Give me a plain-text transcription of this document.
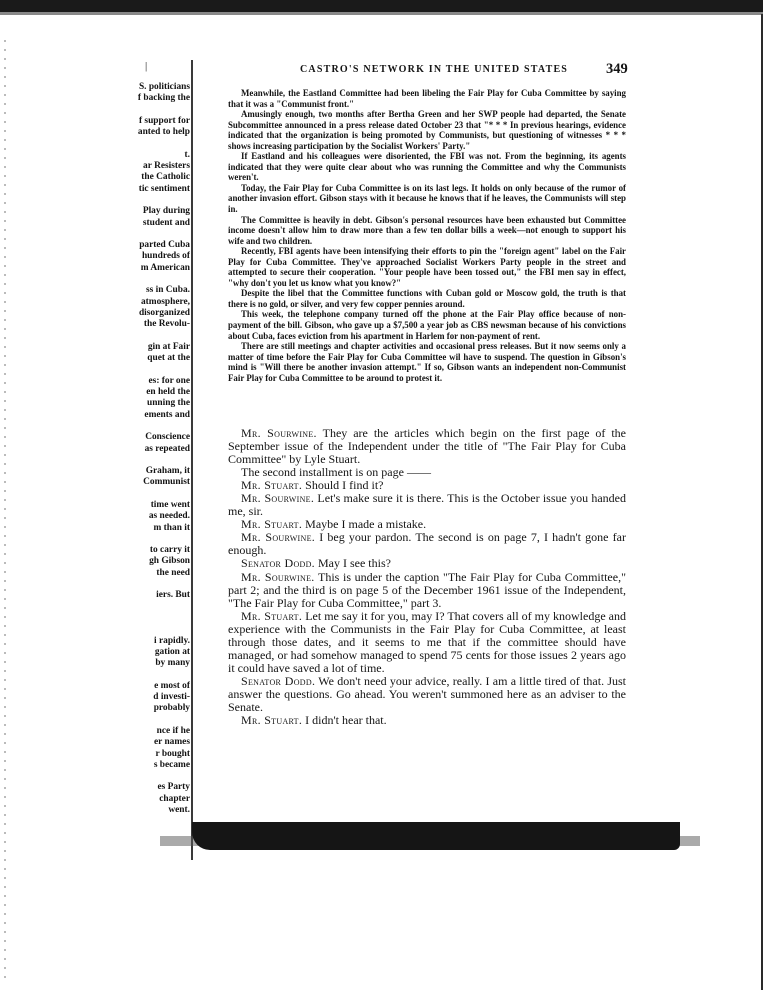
|
S. politicians
f backing the

f support for
anted to help

t.
ar Resisters
the Catholic
tic sentiment

Play during
student and

parted Cuba
hundreds of
m American

ss in Cuba.
atmosphere,
disorganized
the Revolu-

gin at Fair
quet at the

es: for one
en held the
unning the
ements and

Conscience
as repeated

Graham, it
Communist

time went
as needed.
m than it

to carry it
gh Gibson
the need

iers. But

i rapidly.
gation at
by many

e most of
d investi-
probably

nce if he
er names
r bought
s became

es Party
chapter
went.
CASTRO'S NETWORK IN THE UNITED STATES	349

Meanwhile, the Eastland Committee had been libeling the Fair Play for Cuba Committee by saying that it was a "Communist front."

Amusingly enough, two months after Bertha Green and her SWP people had departed, the Senate Subcommittee announced in a press release dated October 23 that "* * * In previous hearings, evidence indicated that the organization is being promoted by Communists, but questioning of witnesses * * * shows increasing participation by the Socialist Workers' Party."

If Eastland and his colleagues were disoriented, the FBI was not. From the beginning, its agents indicated that they were quite clear about who was running the Committee and why the Communists weren't.

Today, the Fair Play for Cuba Committee is on its last legs. It holds on only because of the rumor of another invasion effort. Gibson stays with it because he knows that if he leaves, the Communists will step in.

The Committee is heavily in debt. Gibson's personal resources have been exhausted but Committee income doesn't allow him to draw more than a few ten dollar bills a week—not enough to support his wife and two children.

Recently, FBI agents have been intensifying their efforts to pin the "foreign agent" label on the Fair Play for Cuba Committee. They've approached Socialist Workers Party people in the street and attempted to secure their cooperation. "Your people have been tossed out," the FBI men say in effect, "why don't you let us know what you know?"

Despite the libel that the Committee functions with Cuban gold or Moscow gold, the truth is that there is no gold, or silver, and very few copper pennies around.

This week, the telephone company turned off the phone at the Fair Play office because of non-payment of the bill. Gibson, who gave up a $7,500 a year job as CBS newsman because of his convictions about Cuba, faces eviction from his apartment in Harlem for non-payment of rent.

There are still meetings and chapter activities and occasional press releases. But it now seems only a matter of time before the Fair Play for Cuba Committee wil have to suspend. The question in Gibson's mind is "Will there be another invasion attempt." If so, Gibson wants an independent non-Communist Fair Play for Cuba Committee to be around to protest it.

Mr. Sourwine. They are the articles which begin on the first page of the September issue of the Independent under the title of "The Fair Play for Cuba Committee" by Lyle Stuart.

The second installment is on page ——

Mr. Stuart. Should I find it?

Mr. Sourwine. Let's make sure it is there. This is the October issue you handed me, sir.

Mr. Stuart. Maybe I made a mistake.

Mr. Sourwine. I beg your pardon. The second is on page 7, I hadn't gone far enough.

Senator Dodd. May I see this?

Mr. Sourwine. This is under the caption "The Fair Play for Cuba Committee," part 2; and the third is on page 5 of the December 1961 issue of the Independent, "The Fair Play for Cuba Committee," part 3.

Mr. Stuart. Let me say it for you, may I? That covers all of my knowledge and experience with the Communists in the Fair Play for Cuba Committee, at least through those dates, and it seems to me that if the committee should have managed, or had somehow managed to spend 75 cents for those issues 2 years ago it could have saved a lot of time.

Senator Dodd. We don't need your advice, really. I am a little tired of that. Just answer the questions. Go ahead. You weren't summoned here as an adviser to the Senate.

Mr. Stuart. I didn't hear that.
